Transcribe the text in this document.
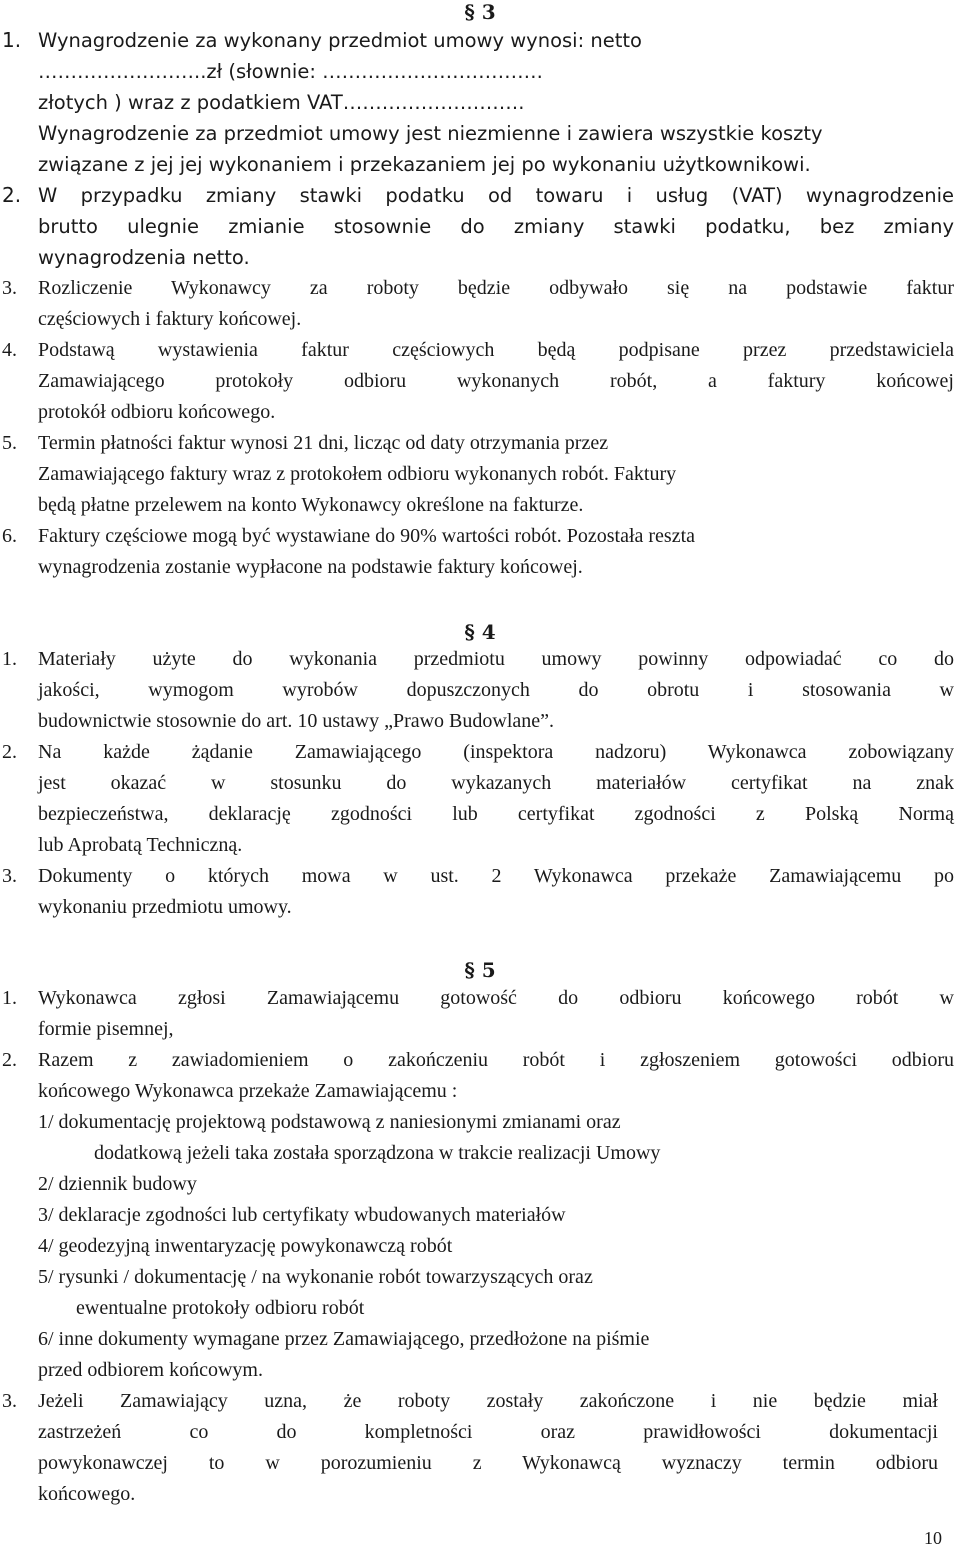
§ 3
1. Wynagrodzenie za wykonany przedmiot umowy wynosi: netto
……………………..zł (słownie: …………………………….
złotych ) wraz z podatkiem VAT……………………….
Wynagrodzenie za przedmiot umowy jest niezmienne i zawiera wszystkie koszty
związane z jej jej wykonaniem i przekazaniem jej po wykonaniu użytkownikowi.
2. W przypadku zmiany stawki podatku od towaru i usług (VAT) wynagrodzenie
brutto ulegnie zmianie stosownie do zmiany stawki podatku, bez zmiany
wynagrodzenia netto.
3. Rozliczenie Wykonawcy za roboty będzie odbywało się na podstawie faktur
częściowych i faktury końcowej.
4. Podstawą wystawienia faktur częściowych będą podpisane przez przedstawiciela
Zamawiającego protokoły odbioru wykonanych robót, a faktury końcowej
protokół odbioru końcowego.
5. Termin płatności faktur wynosi 21 dni, licząc od daty otrzymania przez
Zamawiającego faktury wraz z protokołem odbioru wykonanych robót. Faktury
będą płatne przelewem na konto Wykonawcy określone na fakturze.
6. Faktury częściowe mogą być wystawiane do 90% wartości robót. Pozostała reszta
wynagrodzenia zostanie wypłacone na podstawie faktury końcowej.
§ 4
1. Materiały użyte do wykonania przedmiotu umowy powinny odpowiadać co do
jakości, wymogom wyrobów dopuszczonych do obrotu i stosowania w
budownictwie stosownie do art. 10 ustawy „Prawo Budowlane”.
2. Na każde żądanie Zamawiającego (inspektora nadzoru) Wykonawca zobowiązany
jest okazać w stosunku do wykazanych materiałów certyfikat na znak
bezpieczeństwa, deklarację zgodności lub certyfikat zgodności z Polską Normą
lub Aprobatą Techniczną.
3. Dokumenty o których mowa w ust. 2 Wykonawca przekaże Zamawiającemu po
wykonaniu przedmiotu umowy.
§ 5
1. Wykonawca zgłosi Zamawiającemu gotowość do odbioru końcowego robót w
formie pisemnej,
2. Razem z zawiadomieniem o zakończeniu robót i zgłoszeniem gotowości odbioru
końcowego Wykonawca przekaże Zamawiającemu :
1/ dokumentację projektową podstawową z naniesionymi zmianami oraz
dodatkową jeżeli taka została sporządzona w trakcie realizacji Umowy
2/ dziennik budowy
3/ deklaracje zgodności lub certyfikaty wbudowanych materiałów
4/ geodezyjną inwentaryzację powykonawczą robót
5/ rysunki / dokumentację / na wykonanie robót towarzyszących oraz
ewentualne protokoły odbioru robót
6/ inne dokumenty wymagane przez Zamawiającego, przedłożone na piśmie
przed odbiorem końcowym.
3. Jeżeli Zamawiający uzna, że roboty zostały zakończone i nie będzie miał
zastrzeżeń co do kompletności oraz prawidłowości dokumentacji
powykonawczej to w porozumieniu z Wykonawcą wyznaczy termin odbioru
końcowego.
10
